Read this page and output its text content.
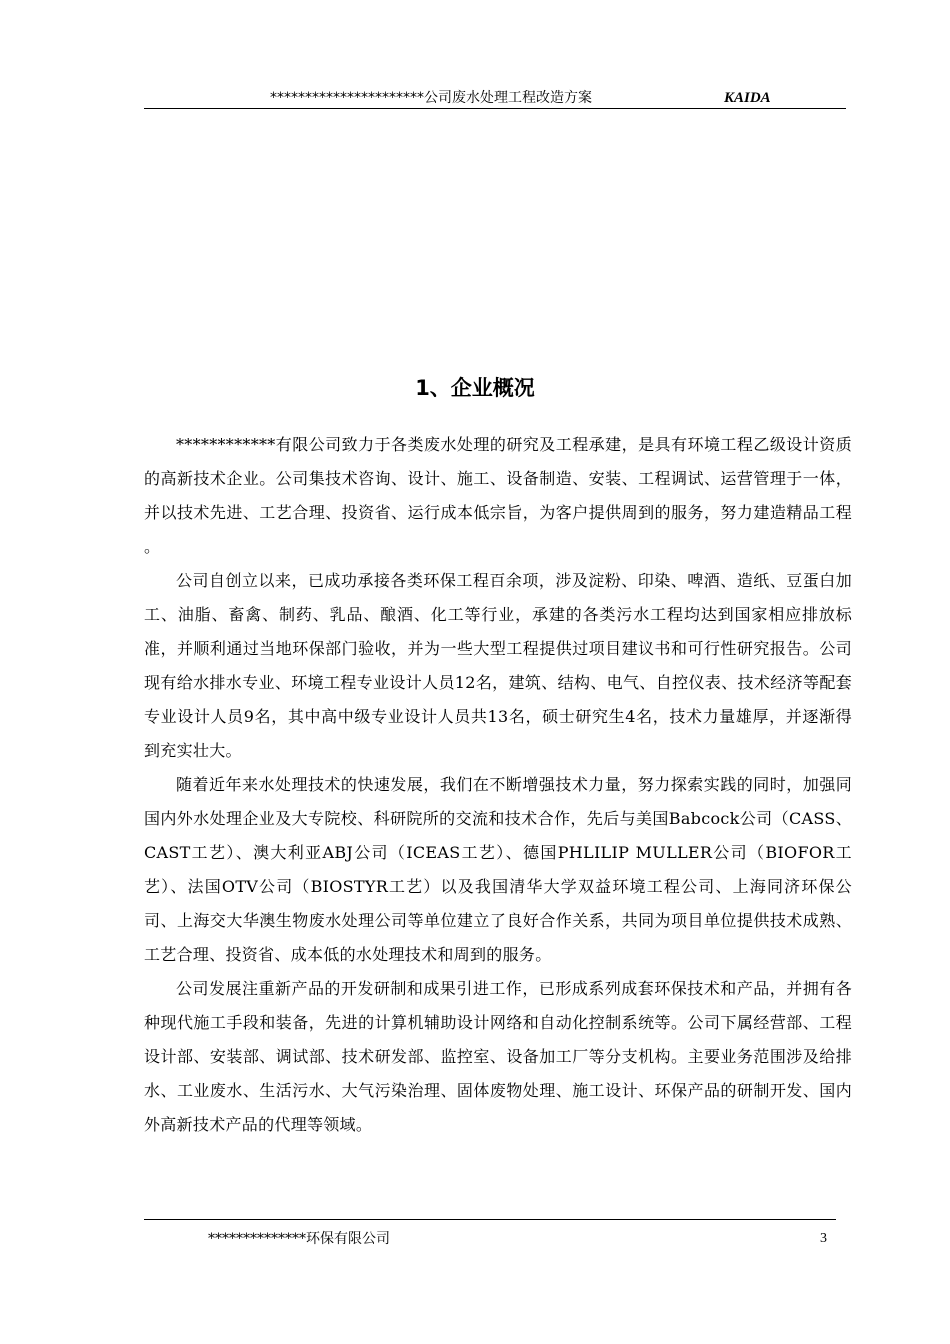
**********************公司废水处理工程改造方案	KAIDA
1、企业概况

************有限公司致力于各类废水处理的研究及工程承建，是具有环境工程乙级设计资质的高新技术企业。公司集技术咨询、设计、施工、设备制造、安装、工程调试、运营管理于一体，并以技术先进、工艺合理、投资省、运行成本低宗旨，为客户提供周到的服务，努力建造精品工程 。

公司自创立以来，已成功承接各类环保工程百余项，涉及淀粉、印染、啤酒、造纸、豆蛋白加工、油脂、畜禽、制药、乳品、酿酒、化工等行业，承建的各类污水工程均达到国家相应排放标准，并顺利通过当地环保部门验收，并为一些大型工程提供过项目建议书和可行性研究报告。公司现有给水排水专业、环境工程专业设计人员12名，建筑、结构、电气、自控仪表、技术经济等配套专业设计人员9名，其中高中级专业设计人员共13名，硕士研究生4名，技术力量雄厚，并逐渐得到充实壮大。

随着近年来水处理技术的快速发展，我们在不断增强技术力量，努力探索实践的同时，加强同国内外水处理企业及大专院校、科研院所的交流和技术合作，先后与美国Babcock公司（CASS、CAST工艺）、澳大利亚ABJ公司（ICEAS工艺）、德国PHLILIP MULLER公司（BIOFOR工艺）、法国OTV公司（BIOSTYR工艺）以及我国清华大学双益环境工程公司、上海同济环保公司、上海交大华澳生物废水处理公司等单位建立了良好合作关系，共同为项目单位提供技术成熟、工艺合理、投资省、成本低的水处理技术和周到的服务。

公司发展注重新产品的开发研制和成果引进工作，已形成系列成套环保技术和产品，并拥有各种现代施工手段和装备，先进的计算机辅助设计网络和自动化控制系统等。公司下属经营部、工程设计部、安装部、调试部、技术研发部、监控室、设备加工厂等分支机构。主要业务范围涉及给排水、工业废水、生活污水、大气污染治理、固体废物处理、施工设计、环保产品的研制开发、国内外高新技术产品的代理等领域。

**************环保有限公司	3
